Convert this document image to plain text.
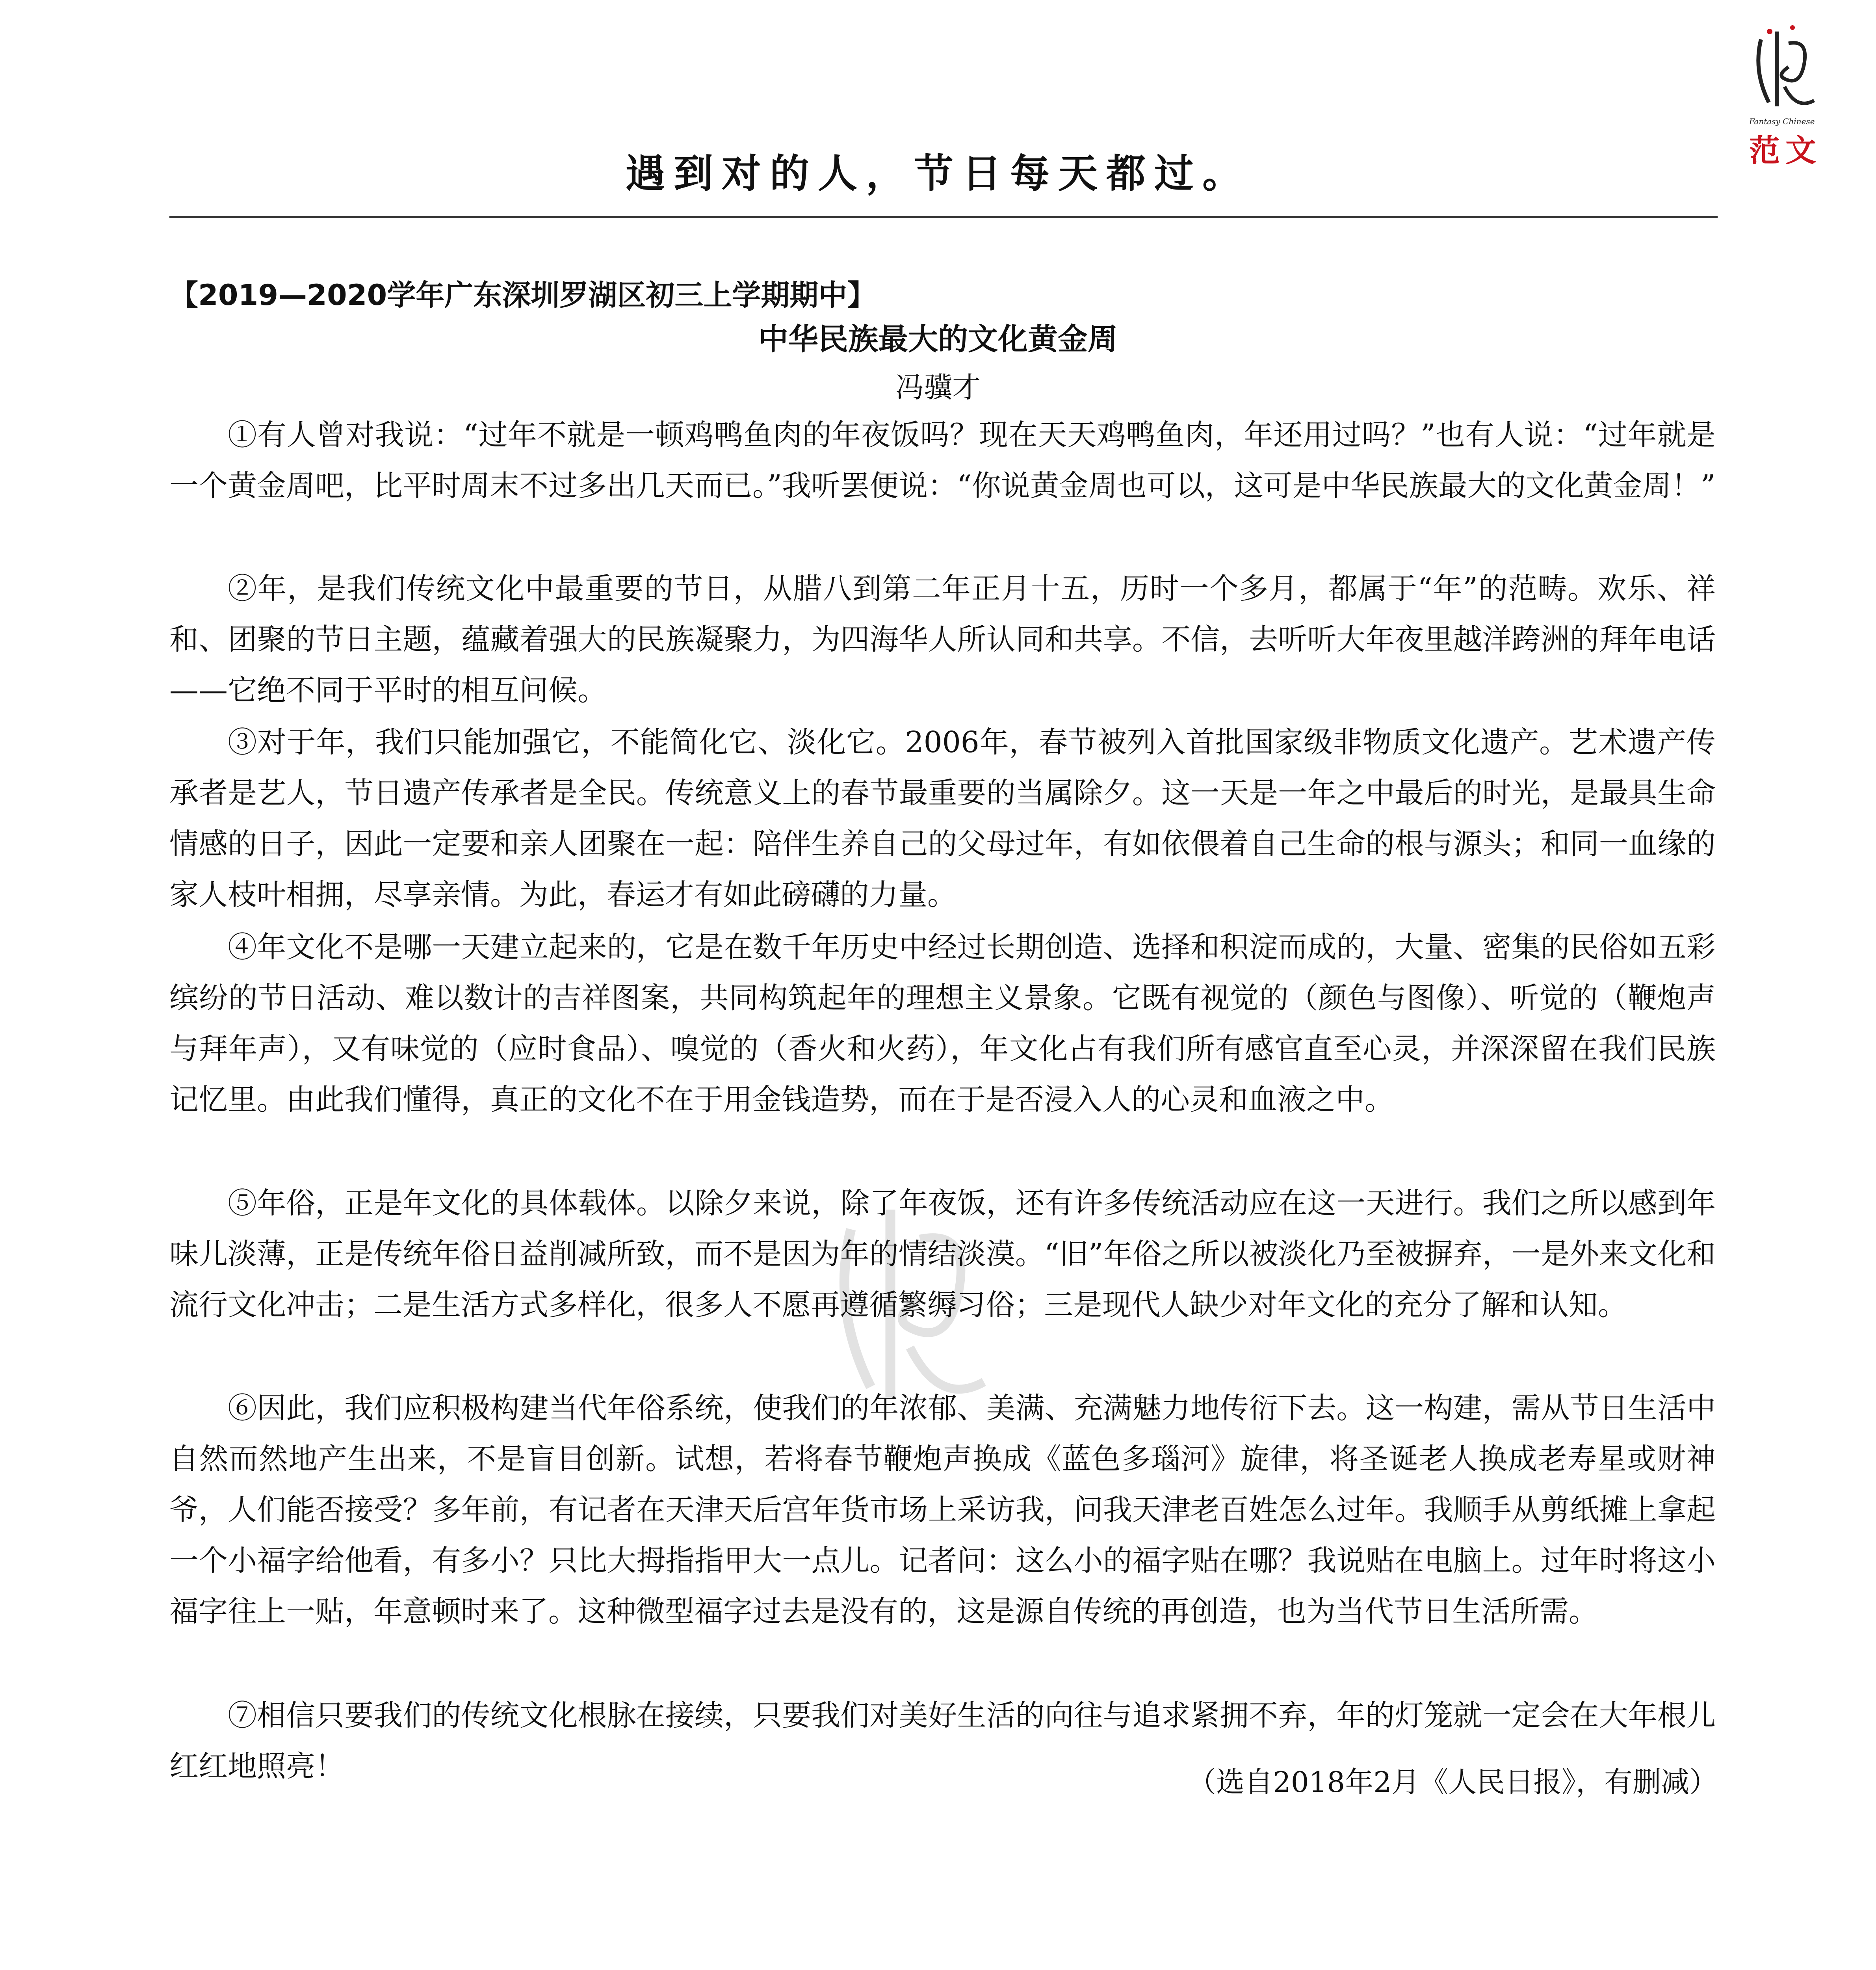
Fantasy Chinese
范文
遇到对的人，节日每天都过。
【2019—2020学年广东深圳罗湖区初三上学期期中】
中华民族最大的文化黄金周
冯骥才

①有人曾对我说：“过年不就是一顿鸡鸭鱼肉的年夜饭吗？现在天天鸡鸭鱼肉，年还用过吗？”也有人说：“过年就是一个黄金周吧，比平时周末不过多出几天而已。”我听罢便说：“你说黄金周也可以，这可是中华民族最大的文化黄金周！”

②年，是我们传统文化中最重要的节日，从腊八到第二年正月十五，历时一个多月，都属于“年”的范畴。欢乐、祥和、团聚的节日主题，蕴藏着强大的民族凝聚力，为四海华人所认同和共享。不信，去听听大年夜里越洋跨洲的拜年电话——它绝不同于平时的相互问候。

③对于年，我们只能加强它，不能简化它、淡化它。2006年，春节被列入首批国家级非物质文化遗产。艺术遗产传承者是艺人，节日遗产传承者是全民。传统意义上的春节最重要的当属除夕。这一天是一年之中最后的时光，是最具生命情感的日子，因此一定要和亲人团聚在一起：陪伴生养自己的父母过年，有如依偎着自己生命的根与源头；和同一血缘的家人枝叶相拥，尽享亲情。为此，春运才有如此磅礴的力量。

④年文化不是哪一天建立起来的，它是在数千年历史中经过长期创造、选择和积淀而成的，大量、密集的民俗如五彩缤纷的节日活动、难以数计的吉祥图案，共同构筑起年的理想主义景象。它既有视觉的（颜色与图像）、听觉的（鞭炮声与拜年声），又有味觉的（应时食品）、嗅觉的（香火和火药），年文化占有我们所有感官直至心灵，并深深留在我们民族记忆里。由此我们懂得，真正的文化不在于用金钱造势，而在于是否浸入人的心灵和血液之中。

⑤年俗，正是年文化的具体载体。以除夕来说，除了年夜饭，还有许多传统活动应在这一天进行。我们之所以感到年味儿淡薄，正是传统年俗日益削减所致，而不是因为年的情结淡漠。“旧”年俗之所以被淡化乃至被摒弃，一是外来文化和流行文化冲击；二是生活方式多样化，很多人不愿再遵循繁缛习俗；三是现代人缺少对年文化的充分了解和认知。

⑥因此，我们应积极构建当代年俗系统，使我们的年浓郁、美满、充满魅力地传衍下去。这一构建，需从节日生活中自然而然地产生出来，不是盲目创新。试想，若将春节鞭炮声换成《蓝色多瑙河》旋律，将圣诞老人换成老寿星或财神爷，人们能否接受？多年前，有记者在天津天后宫年货市场上采访我，问我天津老百姓怎么过年。我顺手从剪纸摊上拿起一个小福字给他看，有多小？只比大拇指指甲大一点儿。记者问：这么小的福字贴在哪？我说贴在电脑上。过年时将这小福字往上一贴，年意顿时来了。这种微型福字过去是没有的，这是源自传统的再创造，也为当代节日生活所需。

⑦相信只要我们的传统文化根脉在接续，只要我们对美好生活的向往与追求紧拥不弃，年的灯笼就一定会在大年根儿红红地照亮！	（选自2018年2月《人民日报》，有删减）
